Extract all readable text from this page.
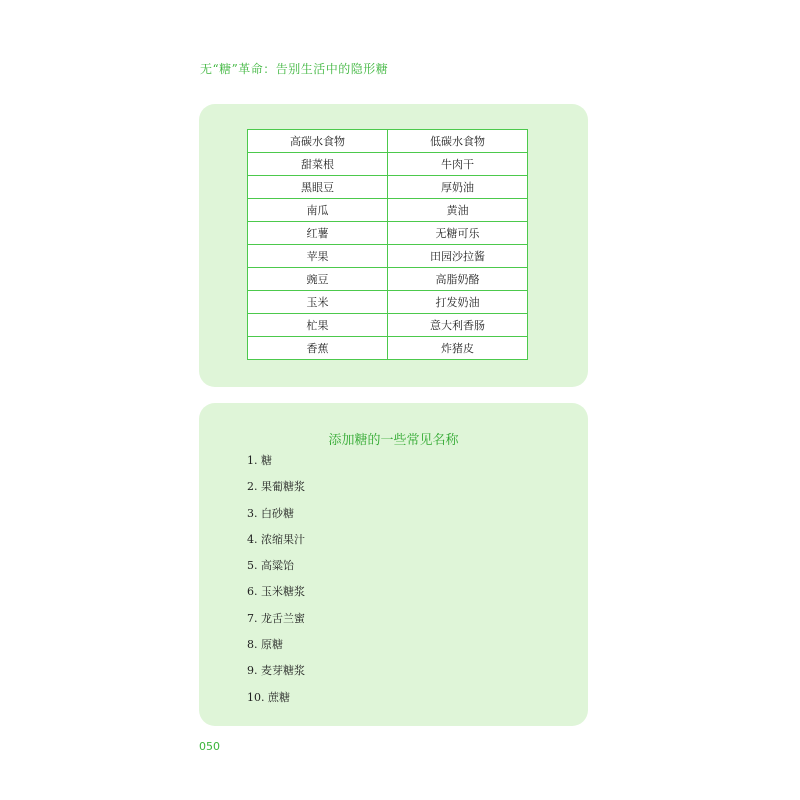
无“糖”革命：告别生活中的隐形糖
高碳水食物	低碳水食物
甜菜根	牛肉干
黑眼豆	厚奶油
南瓜	黄油
红薯	无糖可乐
苹果	田园沙拉酱
豌豆	高脂奶酪
玉米	打发奶油
杧果	意大利香肠
香蕉	炸猪皮
添加糖的一些常见名称
1. 糖
2. 果葡糖浆
3. 白砂糖
4. 浓缩果汁
5. 高粱饴
6. 玉米糖浆
7. 龙舌兰蜜
8. 原糖
9. 麦芽糖浆
10. 蔗糖
050
